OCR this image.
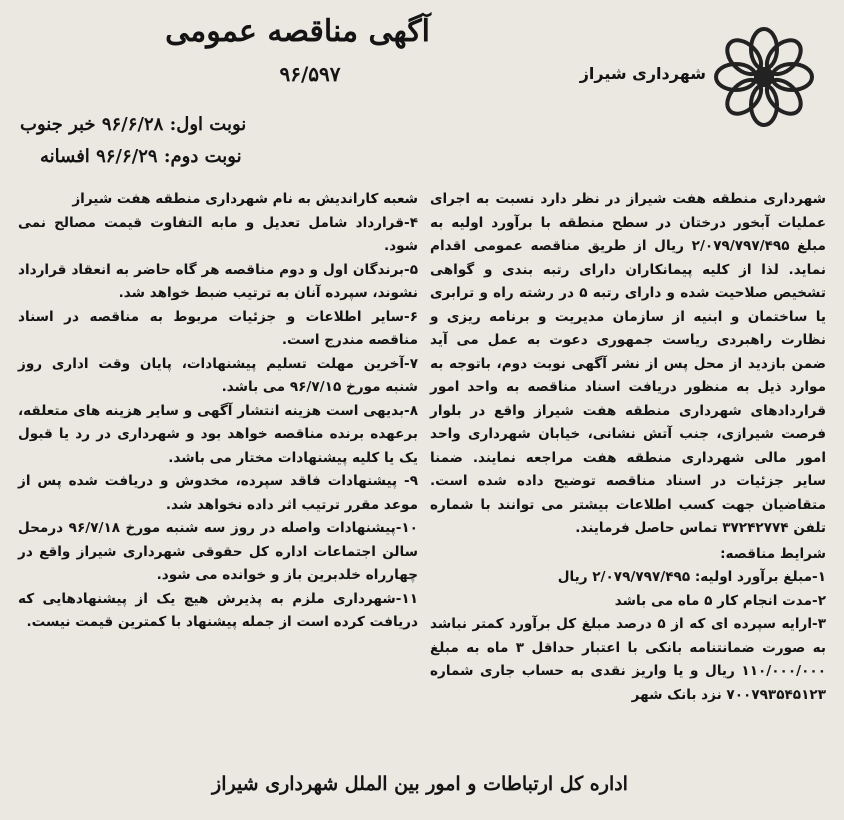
شهرداری شیراز
آگهی مناقصه عمومی
۹۶/۵۹۷
نوبت اول: ۹۶/۶/۲۸ خبر جنوب
نوبت دوم: ۹۶/۶/۲۹ افسانه

شهرداری منطقه هفت شیراز در نظر دارد نسبت به اجرای عملیات آبخور درختان در سطح منطقه با برآورد اولیه به مبلغ ۲/۰۷۹/۷۹۷/۴۹۵ ریال از طریق مناقصه عمومی اقدام نماید. لذا از کلیه پیمانکاران دارای رتبه بندی و گواهی تشخیص صلاحیت شده و دارای رتبه ۵ در رشته راه و ترابری یا ساختمان و ابنیه از سازمان مدیریت و برنامه ریزی و نظارت راهبردی ریاست جمهوری دعوت به عمل می آید ضمن بازدید از محل پس از نشر آگهی نوبت دوم، باتوجه به موارد ذیل به منظور دریافت اسناد مناقصه به واحد امور قراردادهای شهرداری منطقه هفت شیراز واقع در بلوار فرصت شیرازی، جنب آتش نشانی، خیابان شهرداری واحد امور مالی شهرداری منطقه هفت مراجعه نمایند. ضمنا سایر جزئیات در اسناد مناقصه توضیح داده شده است. متقاضیان جهت کسب اطلاعات بیشتر می توانند با شماره تلفن ۳۷۲۴۲۷۷۴ تماس حاصل فرمایند.

شرایط مناقصه:

۱-مبلغ برآورد اولیه: ۲/۰۷۹/۷۹۷/۴۹۵ ریال

۲-مدت انجام کار ۵ ماه می باشد

۳-ارایه سپرده ای که از ۵ درصد مبلغ کل برآورد کمتر نباشد به صورت ضمانتنامه بانکی با اعتبار حداقل ۳ ماه به مبلغ ۱۱۰/۰۰۰/۰۰۰ ریال و یا واریز نقدی به حساب جاری شماره ۷۰۰۷۹۳۵۴۵۱۲۳ نزد بانک شهر

شعبه کاراندیش به نام شهرداری منطقه هفت شیراز

۴-قرارداد شامل تعدیل و مابه التفاوت قیمت مصالح نمی شود.

۵-برندگان اول و دوم مناقصه هر گاه حاضر به انعقاد قرارداد نشوند، سپرده آنان به ترتیب ضبط خواهد شد.

۶-سایر اطلاعات و جزئیات مربوط به مناقصه در اسناد مناقصه مندرج است.

۷-آخرین مهلت تسلیم پیشنهادات، پایان وقت اداری روز شنبه مورخ ۹۶/۷/۱۵ می باشد.

۸-بدیهی است هزینه انتشار آگهی و سایر هزینه های متعلقه، برعهده برنده مناقصه خواهد بود و شهرداری در رد یا قبول یک یا کلیه پیشنهادات مختار می باشد.

۹- پیشنهادات فاقد سپرده، مخدوش و دریافت شده پس از موعد مقرر ترتیب اثر داده نخواهد شد.

۱۰-پیشنهادات واصله در روز سه شنبه مورخ ۹۶/۷/۱۸ درمحل سالن اجتماعات اداره کل حقوقی شهرداری شیراز واقع در چهارراه خلدبرین باز و خوانده می شود.

۱۱-شهرداری ملزم به پذیرش هیچ یک از پیشنهادهایی که دریافت کرده است از جمله پیشنهاد با کمترین قیمت نیست.

اداره کل ارتباطات و امور بین الملل شهرداری شیراز
